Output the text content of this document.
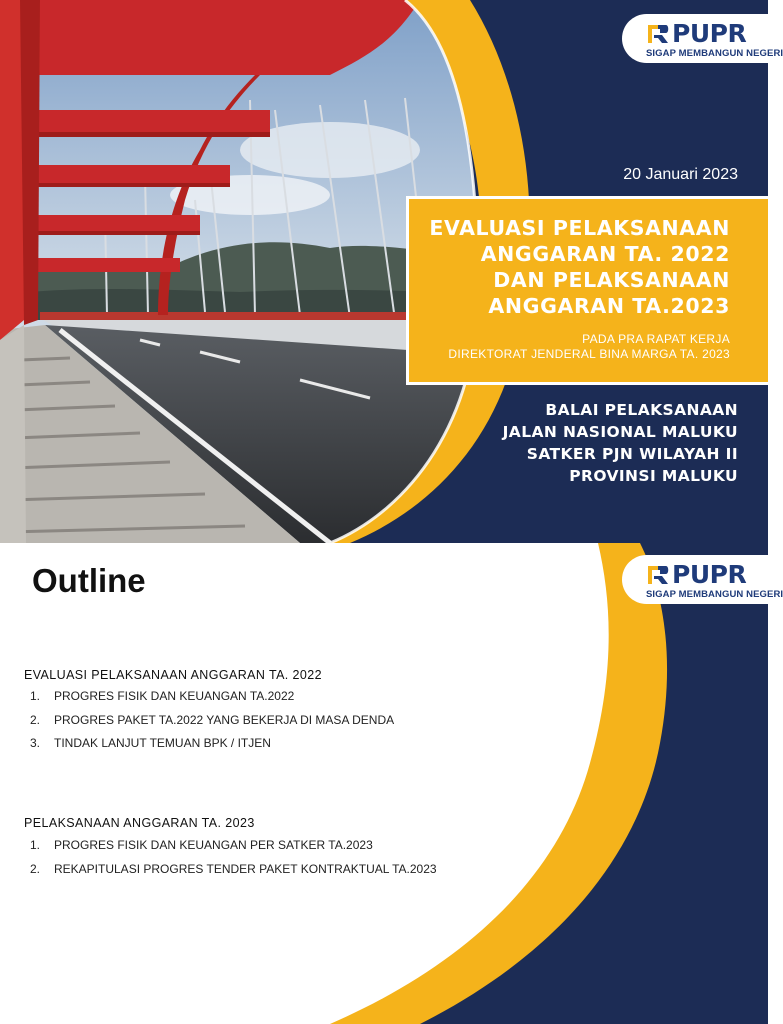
PUPR
SIGAP MEMBANGUN NEGERI
20 Januari 2023
EVALUASI PELAKSANAAN
ANGGARAN TA. 2022
DAN PELAKSANAAN
ANGGARAN TA.2023
PADA PRA RAPAT KERJA
DIREKTORAT JENDERAL BINA MARGA TA. 2023
BALAI PELAKSANAAN
JALAN NASIONAL MALUKU
SATKER PJN WILAYAH II
PROVINSI MALUKU
PUPR
SIGAP MEMBANGUN NEGERI
Outline
EVALUASI PELAKSANAAN ANGGARAN TA. 2022
1.	PROGRES FISIK DAN KEUANGAN TA.2022
2.	PROGRES PAKET TA.2022 YANG BEKERJA DI MASA DENDA
3.	TINDAK LANJUT TEMUAN BPK / ITJEN
PELAKSANAAN ANGGARAN TA. 2023
1.	PROGRES FISIK DAN KEUANGAN PER SATKER TA.2023
2.	REKAPITULASI PROGRES TENDER PAKET KONTRAKTUAL TA.2023
